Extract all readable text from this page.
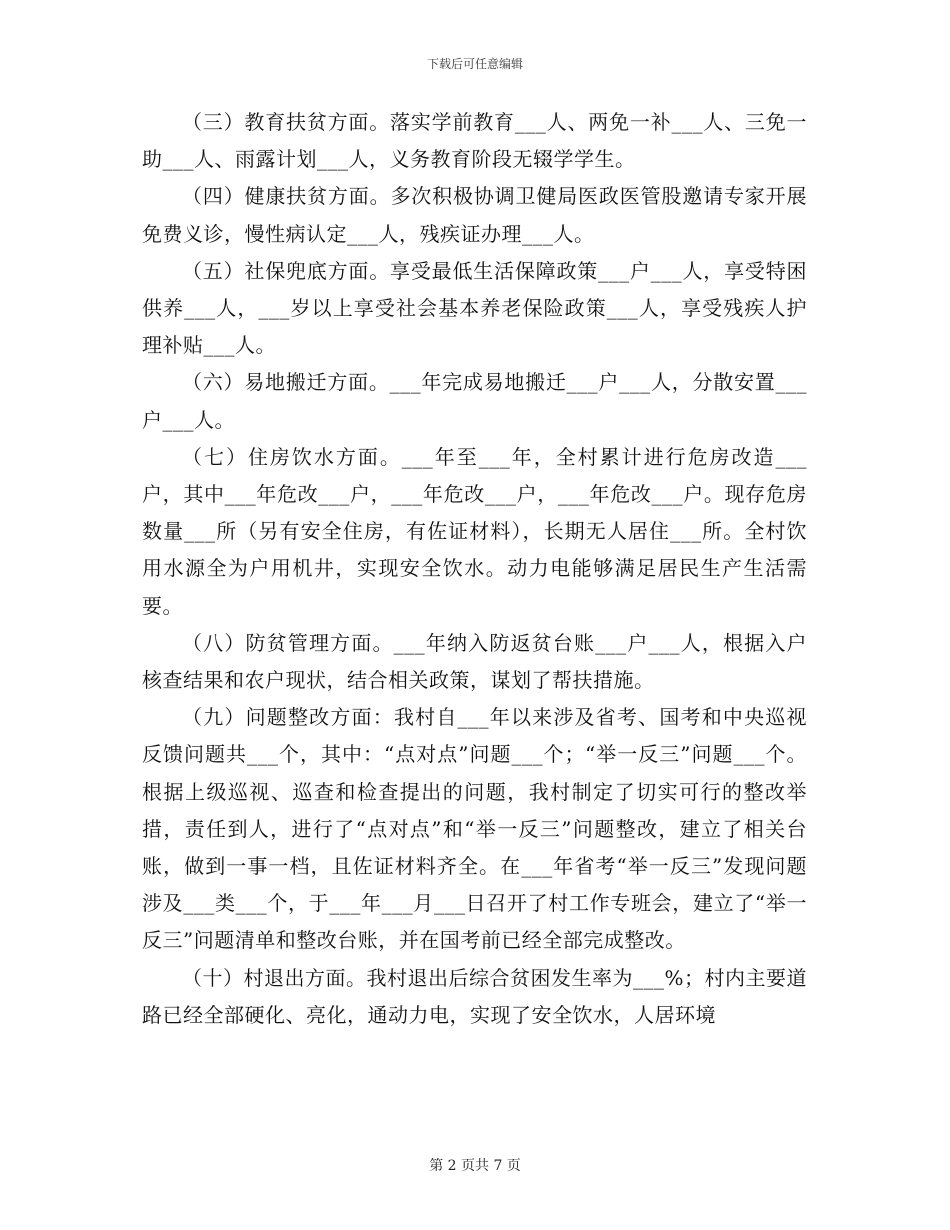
下载后可任意编辑

（三）教育扶贫方面。落实学前教育___人、两免一补___人、三免一助___人、雨露计划___人，义务教育阶段无辍学学生。

（四）健康扶贫方面。多次积极协调卫健局医政医管股邀请专家开展免费义诊，慢性病认定___人，残疾证办理___人。

（五）社保兜底方面。享受最低生活保障政策___户___人，享受特困供养___人，___岁以上享受社会基本养老保险政策___人，享受残疾人护理补贴___人。

（六）易地搬迁方面。___年完成易地搬迁___户___人，分散安置___户___人。

（七）住房饮水方面。___年至___年，全村累计进行危房改造___户，其中___年危改___户，___年危改___户，___年危改___户。现存危房数量___所（另有安全住房，有佐证材料），长期无人居住___所。全村饮用水源全为户用机井，实现安全饮水。动力电能够满足居民生产生活需要。

（八）防贫管理方面。___年纳入防返贫台账___户___人，根据入户核查结果和农户现状，结合相关政策，谋划了帮扶措施。

（九）问题整改方面：我村自___年以来涉及省考、国考和中央巡视反馈问题共___个，其中：“点对点”问题___个；“举一反三”问题___个。根据上级巡视、巡查和检查提出的问题，我村制定了切实可行的整改举措，责任到人，进行了“点对点”和“举一反三”问题整改，建立了相关台账，做到一事一档，且佐证材料齐全。在___年省考“举一反三”发现问题涉及___类___个，于___年___月___日召开了村工作专班会，建立了“举一反三”问题清单和整改台账，并在国考前已经全部完成整改。

（十）村退出方面。我村退出后综合贫困发生率为___%；村内主要道路已经全部硬化、亮化，通动力电，实现了安全饮水，人居环境

第 2 页共 7 页
